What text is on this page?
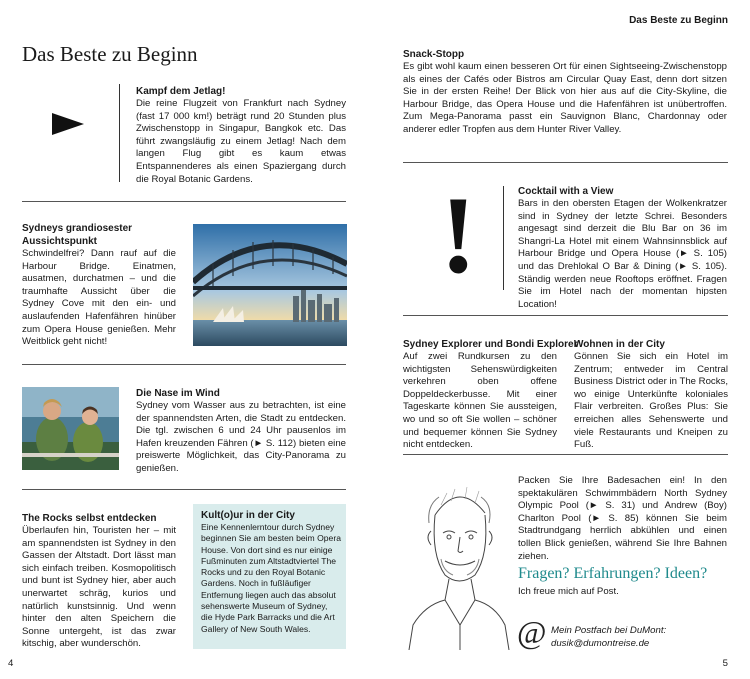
Das Beste zu Beginn
Das Beste zu Beginn
Kampf dem Jetlag!
Die reine Flugzeit von Frankfurt nach Sydney (fast 17 000 km!) beträgt rund 20 Stunden plus Zwischenstopp in Singapur, Bangkok etc. Das führt zwangsläufig zu einem Jetlag! Nach dem langen Flug gibt es kaum etwas Entspannenderes als einen Spaziergang durch die Royal Botanic Gardens.
Sydneys grandiosester
Aussichtspunkt
Schwindelfrei? Dann rauf auf die Harbour Bridge. Einatmen, ausatmen, durchatmen – und die traumhafte Aussicht über die Sydney Cove mit den ein- und auslaufenden Hafenfähren hinüber zum Opera House genießen. Mehr Weitblick geht nicht!
Die Nase im Wind
Sydney vom Wasser aus zu betrachten, ist eine der spannendsten Arten, die Stadt zu entdecken. Die tgl. zwischen 6 und 24 Uhr pausenlos im Hafen kreuzenden Fähren (► S. 112) bieten eine preiswerte Möglichkeit, das City-Panorama zu genießen.
The Rocks selbst entdecken
Überlaufen hin, Touristen her – mit am spannendsten ist Sydney in den Gassen der Altstadt. Dort lässt man sich einfach treiben. Kosmopolitisch und bunt ist Sydney hier, aber auch unerwartet schräg, kurios und natürlich kunstsinnig. Und wenn hinter den alten Speichern die Sonne untergeht, ist das zwar kitschig, aber wunderschön.
Kult(o)ur in der City
Eine Kennenlerntour durch Sydney beginnen Sie am besten beim Opera House. Von dort sind es nur einige Fußminuten zum Altstadtviertel The Rocks und zu den Royal Botanic Gardens. Noch in fußläufiger Entfernung liegen auch das absolut sehenswerte Museum of Sydney, die Hyde Park Barracks und die Art Gallery of New South Wales.
4
Snack-Stopp
Es gibt wohl kaum einen besseren Ort für einen Sightseeing-Zwischenstopp als eines der Cafés oder Bistros am Circular Quay East, denn dort sitzen Sie in der ersten Reihe! Der Blick von hier aus auf die City-Skyline, die Harbour Bridge, das Opera House und die Hafenfähren ist unübertroffen. Zum Mega-Panorama passt ein Sauvignon Blanc, Chardonnay oder anderer edler Tropfen aus dem Hunter River Valley.
!	Cocktail with a View
Bars in den obersten Etagen der Wolkenkratzer sind in Sydney der letzte Schrei. Besonders angesagt sind derzeit die Blu Bar on 36 im Shangri-La Hotel mit einem Wahnsinnsblick auf Harbour Bridge und Opera House (► S. 105) und das Drehlokal O Bar & Dining (► S. 105). Ständig werden neue Rooftops eröffnet. Fragen Sie im Hotel nach der momentan hipsten Location!
Sydney Explorer und Bondi Explorer
Auf zwei Rundkursen zu den wichtigsten Sehenswürdigkeiten verkehren oben offene Doppeldeckerbusse. Mit einer Tageskarte können Sie aussteigen, wo und so oft Sie wollen – schöner und bequemer können Sie Sydney nicht entdecken.
Wohnen in der City
Gönnen Sie sich ein Hotel im Zentrum; entweder im Central Business District oder in The Rocks, wo einige Unterkünfte koloniales Flair verbreiten. Großes Plus: Sie erreichen alles Sehenswerte und viele Restaurants und Kneipen zu Fuß.
Packen Sie Ihre Badesachen ein! In den spektakulären Schwimmbädern North Sydney Olympic Pool (► S. 31) und Andrew (Boy) Charlton Pool (► S. 85) können Sie beim Stadtrundgang herrlich abkühlen und einen tollen Blick genießen, während Sie Ihre Bahnen ziehen.
Fragen? Erfahrungen? Ideen?
Ich freue mich auf Post.
@ Mein Postfach bei DuMont:
dusik@dumontreise.de
5
